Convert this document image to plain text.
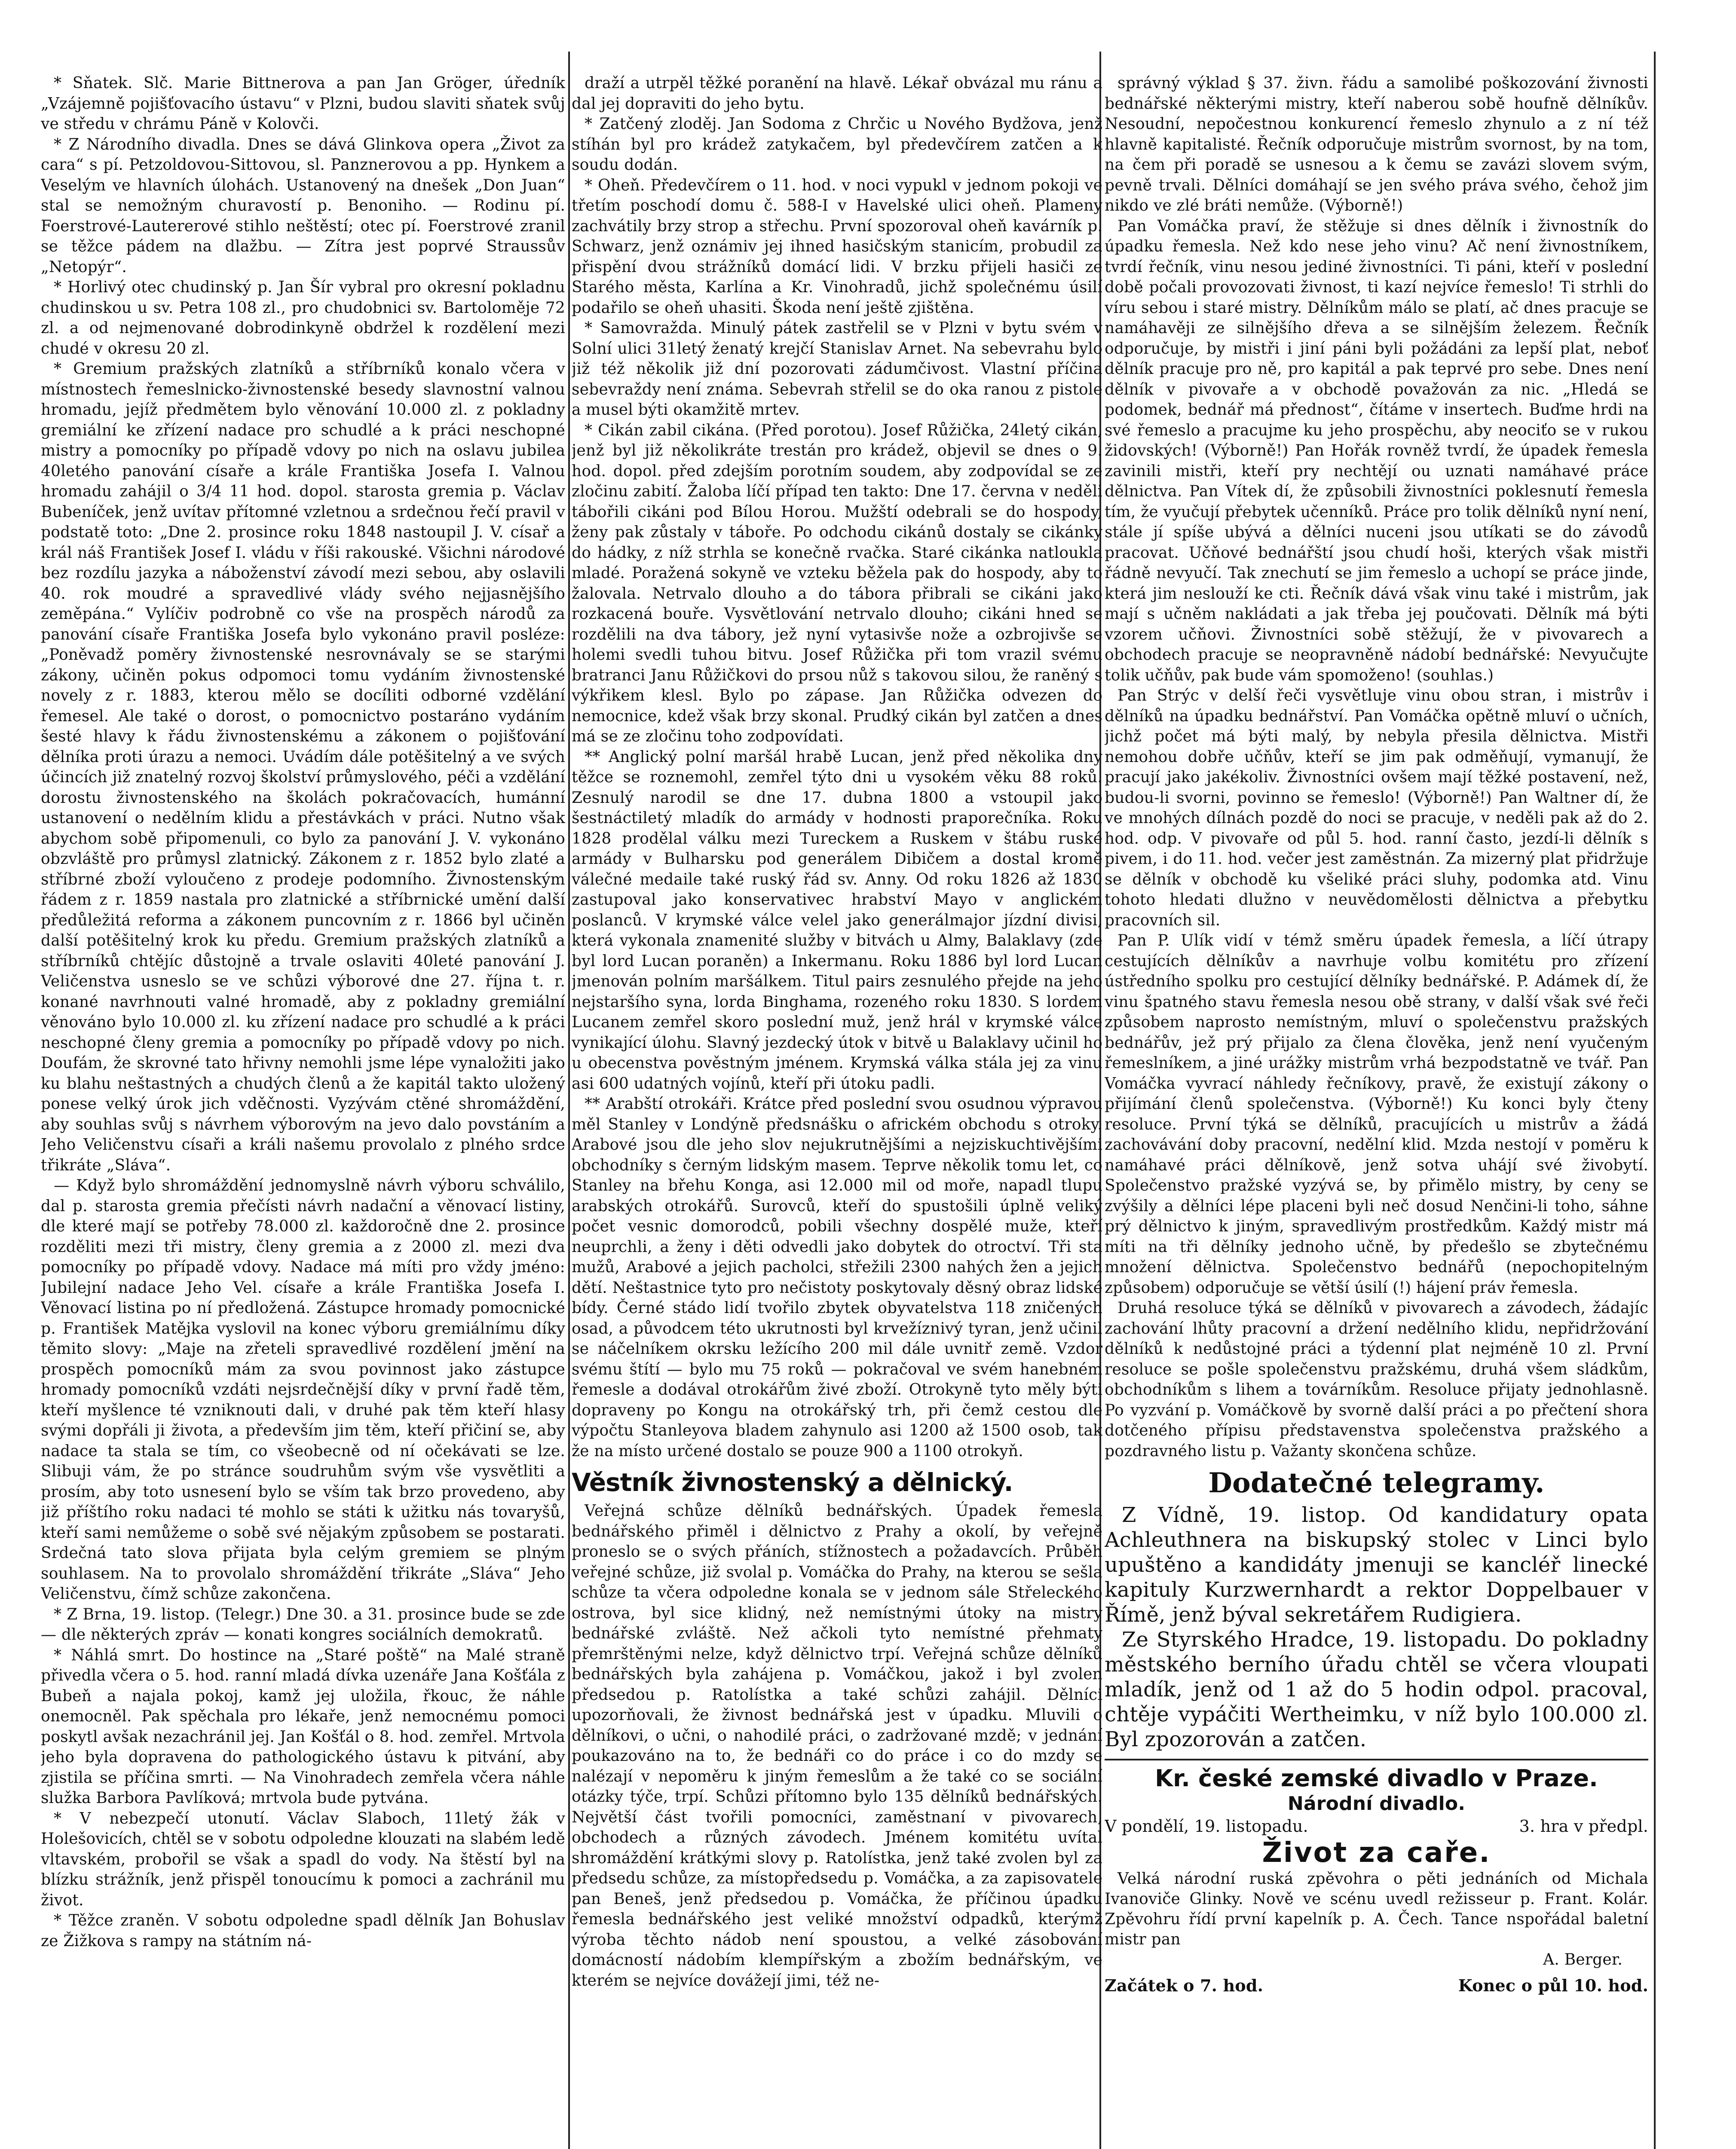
* Sňatek. Slč. Marie Bittnerova a pan Jan Gröger, úředník „Vzájemně pojišťovacího ústavu“ v Plzni, budou slaviti sňatek svůj ve středu v chrámu Páně v Kolovči.

* Z Národního divadla. Dnes se dává Glinkova opera „Život za cara“ s pí. Petzoldovou-Sittovou, sl. Panznerovou a pp. Hynkem a Veselým ve hlavních úlohách. Ustanovený na dnešek „Don Juan“ stal se nemožným churavostí p. Benoniho. — Rodinu pí. Foerstrové-Lautererové stihlo neštěstí; otec pí. Foerstrové zranil se těžce pádem na dlažbu. — Zítra jest poprvé Straussův „Netopýr“.

* Horlivý otec chudinský p. Jan Šír vybral pro okresní pokladnu chudinskou u sv. Petra 108 zl., pro chudobnici sv. Bartoloměje 72 zl. a od nejmenované dobrodinkyně obdržel k rozdělení mezi chudé v okresu 20 zl.

* Gremium pražských zlatníků a stříbrníků konalo včera v místnostech řemeslnicko-živnostenské besedy slavnostní valnou hromadu, jejíž předmětem bylo věnování 10.000 zl. z pokladny gremiální ke zřízení nadace pro schudlé a k práci neschopné mistry a pomocníky po případě vdovy po nich na oslavu jubilea 40letého panování císaře a krále Františka Josefa I. Valnou hromadu zahájil o 3/4 11 hod. dopol. starosta gremia p. Václav Bubeníček, jenž uvítav přítomné vzletnou a srdečnou řečí pravil v podstatě toto: „Dne 2. prosince roku 1848 nastoupil J. V. císař a král náš František Josef I. vládu v říši rakouské. Všichni národové bez rozdílu jazyka a náboženství závodí mezi sebou, aby oslavili 40. rok moudré a spravedlivé vlády svého nejjasnějšího zeměpána.“ Vylíčiv podrobně co vše na prospěch národů za panování císaře Františka Josefa bylo vykonáno pravil posléze: „Poněvadž poměry živnostenské nesrovnávaly se se starými zákony, učiněn pokus odpomoci tomu vydáním živnostenské novely z r. 1883, kterou mělo se docíliti odborné vzdělání řemesel. Ale také o dorost, o pomocnictvo postaráno vydáním šesté hlavy k řádu živnostenskému a zákonem o pojišťování dělníka proti úrazu a nemoci. Uvádím dále potěšitelný a ve svých účincích již znatelný rozvoj školství průmyslového, péči a vzdělání dorostu živnostenského na školách pokračovacích, humánní ustanovení o nedělním klidu a přestávkách v práci. Nutno však abychom sobě připomenuli, co bylo za panování J. V. vykonáno obzvláště pro průmysl zlatnický. Zákonem z r. 1852 bylo zlaté a stříbrné zboží vyloučeno z prodeje podomního. Živnostenským řádem z r. 1859 nastala pro zlatnické a stříbrnické umění další předůležitá reforma a zákonem puncovním z r. 1866 byl učiněn další potěšitelný krok ku předu. Gremium pražských zlatníků a stříbrníků chtějíc důstojně a trvale oslaviti 40leté panování J. Veličenstva usneslo se ve schůzi výborové dne 27. října t. r. konané navrhnouti valné hromadě, aby z pokladny gremiální věnováno bylo 10.000 zl. ku zřízení nadace pro schudlé a k práci neschopné členy gremia a pomocníky po případě vdovy po nich. Doufám, že skrovné tato hřivny nemohli jsme lépe vynaložiti jako ku blahu neštastných a chudých členů a že kapitál takto uložený ponese velký úrok jich vděčnosti. Vyzývám ctěné shromáždění, aby souhlas svůj s návrhem výborovým na jevo dalo povstáním a Jeho Veličenstvu císaři a králi našemu provolalo z plného srdce třikráte „Sláva“.

— Když bylo shromáždění jednomyslně návrh výboru schválilo, dal p. starosta gremia přečísti návrh nadační a věnovací listiny, dle které mají se potřeby 78.000 zl. každoročně dne 2. prosince rozděliti mezi tři mistry, členy gremia a z 2000 zl. mezi dva pomocníky po případě vdovy. Nadace má míti pro vždy jméno: Jubilejní nadace Jeho Vel. císaře a krále Františka Josefa I. Věnovací listina po ní předložená. Zástupce hromady pomocnické p. František Matějka vyslovil na konec výboru gremiálnímu díky těmito slovy: „Maje na zřeteli spravedlivé rozdělení jmění na prospěch pomocníků mám za svou povinnost jako zástupce hromady pomocníků vzdáti nejsrdečnější díky v první řadě těm, kteří myšlence té vzniknouti dali, v druhé pak těm kteří hlasy svými dopřáli ji života, a především jim těm, kteří přičiní se, aby nadace ta stala se tím, co všeobecně od ní očekávati se lze. Slibuji vám, že po stránce soudruhům svým vše vysvětliti a prosím, aby toto usnesení bylo se vším tak brzo provedeno, aby již příštího roku nadaci té mohlo se státi k užitku nás tovaryšů, kteří sami nemůžeme o sobě své nějakým způsobem se postarati. Srdečná tato slova přijata byla celým gremiem se plným souhlasem. Na to provolalo shromáždění třikráte „Sláva“ Jeho Veličenstvu, čímž schůze zakončena.

* Z Brna, 19. listop. (Telegr.) Dne 30. a 31. prosince bude se zde — dle některých zpráv — konati kongres sociálních demokratů.

* Náhlá smrt. Do hostince na „Staré poště“ na Malé straně přivedla včera o 5. hod. ranní mladá dívka uzenáře Jana Košťála z Bubeň a najala pokoj, kamž jej uložila, řkouc, že náhle onemocněl. Pak spěchala pro lékaře, jenž nemocnému pomoci poskytl avšak nezachránil jej. Jan Košťál o 8. hod. zemřel. Mrtvola jeho byla dopravena do pathologického ústavu k pitvání, aby zjistila se příčina smrti. — Na Vinohradech zemřela včera náhle služka Barbora Pavlíková; mrtvola bude pytvána.

* V nebezpečí utonutí. Václav Slaboch, 11letý žák v Holešovicích, chtěl se v sobotu odpoledne klouzati na slabém ledě vltavském, probořil se však a spadl do vody. Na štěstí byl na blízku strážník, jenž přispěl tonoucímu k pomoci a zachránil mu život.

* Těžce zraněn. V sobotu odpoledne spadl dělník Jan Bohuslav ze Žižkova s rampy na státním ná-

draží a utrpěl těžké poranění na hlavě. Lékař obvázal mu ránu a dal jej dopraviti do jeho bytu.

* Zatčený zloděj. Jan Sodoma z Chrčic u Nového Bydžova, jenž stíhán byl pro krádež zatykačem, byl předevčírem zatčen a k soudu dodán.

* Oheň. Předevčírem o 11. hod. v noci vypukl v jednom pokoji ve třetím poschodí domu č. 588-I v Havelské ulici oheň. Plameny zachvátily brzy strop a střechu. První spozoroval oheň kavárník p. Schwarz, jenž oznámiv jej ihned hasičským stanicím, probudil za přispění dvou strážníků domácí lidi. V brzku přijeli hasiči ze Starého města, Karlína a Kr. Vinohradů, jichž společnému úsilí podařilo se oheň uhasiti. Škoda není ještě zjištěna.

* Samovražda. Minulý pátek zastřelil se v Plzni v bytu svém v Solní ulici 31letý ženatý krejčí Stanislav Arnet. Na sebevrahu bylo již též několik již dní pozorovati zádumčivost. Vlastní příčina sebevraždy není známa. Sebevrah střelil se do oka ranou z pistole a musel býti okamžitě mrtev.

* Cikán zabil cikána. (Před porotou). Josef Růžička, 24letý cikán, jenž byl již několikráte trestán pro krádež, objevil se dnes o 9. hod. dopol. před zdejším porotním soudem, aby zodpovídal se ze zločinu zabití. Žaloba líčí případ ten takto: Dne 17. června v neděli tábořili cikáni pod Bílou Horou. Mužští odebrali se do hospody, ženy pak zůstaly v táboře. Po odchodu cikánů dostaly se cikánky do hádky, z níž strhla se konečně rvačka. Staré cikánka natloukla mladé. Poražená sokyně ve vzteku běžela pak do hospody, aby to žalovala. Netrvalo dlouho a do tábora přibrali se cikáni jako rozkacená bouře. Vysvětlování netrvalo dlouho; cikáni hned se rozdělili na dva tábory, jež nyní vytasivše nože a ozbrojivše se holemi svedli tuhou bitvu. Josef Růžička při tom vrazil svému bratranci Janu Růžičkovi do prsou nůž s takovou silou, že raněný s výkřikem klesl. Bylo po zápase. Jan Růžička odvezen do nemocnice, kdež však brzy skonal. Prudký cikán byl zatčen a dnes má se ze zločinu toho zodpovídati.

** Anglický polní maršál hrabě Lucan, jenž před několika dny těžce se roznemohl, zemřel týto dni u vysokém věku 88 roků. Zesnulý narodil se dne 17. dubna 1800 a vstoupil jako šestnáctiletý mladík do armády v hodnosti praporečníka. Roku 1828 prodělal válku mezi Tureckem a Ruskem v štábu ruské armády v Bulharsku pod generálem Dibičem a dostal kromě válečné medaile také ruský řád sv. Anny. Od roku 1826 až 1830 zastupoval jako konservativec hrabství Mayo v anglickém poslanců. V krymské válce velel jako generálmajor jízdní divisi, která vykonala znamenité služby v bitvách u Almy, Balaklavy (zde byl lord Lucan poraněn) a Inkermanu. Roku 1886 byl lord Lucan jmenován polním maršálkem. Titul pairs zesnulého přejde na jeho nejstaršího syna, lorda Binghama, rozeného roku 1830. S lordem Lucanem zemřel skoro poslední muž, jenž hrál v krymské válce vynikající úlohu. Slavný jezdecký útok v bitvě u Balaklavy učinil ho u obecenstva pověstným jménem. Krymská válka stála jej za vinu asi 600 udatných vojínů, kteří při útoku padli.

** Arabští otrokáři. Krátce před poslední svou osudnou výpravou měl Stanley v Londýně předsnášku o africkém obchodu s otroky. Arabové jsou dle jeho slov nejukrutnějšími a nejziskuchtivějšími obchodníky s černým lidským masem. Teprve několik tomu let, co Stanley na břehu Konga, asi 12.000 mil od moře, napadl tlupu arabských otrokářů. Surovců, kteří do spustošili úplně veliký počet vesnic domorodců, pobili všechny dospělé muže, kteří neuprchli, a ženy i děti odvedli jako dobytek do otroctví. Tři sta mužů, Arabové a jejich pacholci, střežili 2300 nahých žen a jejich dětí. Neštastnice tyto pro nečistoty poskytovaly děsný obraz lidské bídy. Černé stádo lidí tvořilo zbytek obyvatelstva 118 zničených osad, a původcem této ukrutnosti byl krvežíznivý tyran, jenž učinil se náčelníkem okrsku ležícího 200 mil dále uvnitř země. Vzdor svému štítí — bylo mu 75 roků — pokračoval ve svém hanebném řemesle a dodával otrokářům živé zboží. Otrokyně tyto měly býti dopraveny po Kongu na otrokářský trh, při čemž cestou dle výpočtu Stanleyova bladem zahynulo asi 1200 až 1500 osob, tak že na místo určené dostalo se pouze 900 a 1100 otrokyň.

Věstník živnostenský a dělnický.

Veřejná schůze dělníků bednářských. Úpadek řemesla bednářského přiměl i dělnictvo z Prahy a okolí, by veřejně proneslo se o svých přáních, stížnostech a požadavcích. Průběh veřejné schůze, již svolal p. Vomáčka do Prahy, na kterou se sešla schůze ta včera odpoledne konala se v jednom sále Střeleckého ostrova, byl sice klidný, než nemístnými útoky na mistry bednářské zvláště. Než ačkoli tyto nemístné přehmaty přemrštěnými nelze, když dělnictvo trpí. Veřejná schůze dělníků bednářských byla zahájena p. Vomáčkou, jakož i byl zvolen předsedou p. Ratolístka a také schůzi zahájil. Dělníci upozorňovali, že živnost bednářská jest v úpadku. Mluvili o dělníkovi, o učni, o nahodilé práci, o zadržované mzdě; v jednání poukazováno na to, že bednáři co do práce i co do mzdy se nalézají v nepoměru k jiným řemeslům a že také co se sociální otázky týče, trpí. Schůzi přítomno bylo 135 dělníků bednářských. Největší část tvořili pomocníci, zaměstnaní v pivovarech, obchodech a různých závodech. Jménem komitétu uvítal shromáždění krátkými slovy p. Ratolístka, jenž také zvolen byl za předsedu schůze, za místopředsedu p. Vomáčka, a za zapisovatele pan Beneš, jenž předsedou p. Vomáčka, že příčinou úpadku řemesla bednářského jest veliké množství odpadků, kterýmž výroba těchto nádob není spoustou, a velké zásobování domácností nádobím klempířským a zbožím bednářským, ve kterém se nejvíce dovážejí jimi, též ne-

správný výklad § 37. živn. řádu a samolibé poškozování živnosti bednářské některými mistry, kteří naberou sobě houfně dělníkův. Nesoudní, nepočestnou konkurencí řemeslo zhynulo a z ní též hlavně kapitalisté. Řečník odporučuje mistrům svornost, by na tom, na čem při poradě se usnesou a k čemu se zavázi slovem svým, pevně trvali. Dělníci domáhají se jen svého práva svého, čehož jim nikdo ve zlé bráti nemůže. (Výborně!)

Pan Vomáčka praví, že stěžuje si dnes dělník i živnostník do úpadku řemesla. Než kdo nese jeho vinu? Ač není živnostníkem, tvrdí řečník, vinu nesou jediné živnostníci. Ti páni, kteří v poslední době počali provozovati živnost, ti kazí nejvíce řemeslo! Ti strhli do víru sebou i staré mistry. Dělníkům málo se platí, ač dnes pracuje se namáhavěji ze silnějšího dřeva a se silnějším železem. Řečník odporučuje, by mistři i jiní páni byli požádáni za lepší plat, neboť dělník pracuje pro ně, pro kapitál a pak teprvé pro sebe. Dnes není dělník v pivovaře a v obchodě považován za nic. „Hledá se podomek, bednář má přednost“, čítáme v insertech. Buďme hrdi na své řemeslo a pracujme ku jeho prospěchu, aby neociťo se v rukou židovských! (Výborně!) Pan Hořák rovněž tvrdí, že úpadek řemesla zavinili mistři, kteří pry nechtějí ou uznati namáhavé práce dělnictva. Pan Vítek dí, že způsobili živnostníci poklesnutí řemesla tím, že vyučují přebytek učenníků. Práce pro tolik dělníků nyní není, stále jí spíše ubývá a dělníci nuceni jsou utíkati se do závodů pracovat. Učňové bednářští jsou chudí hoši, kterých však mistři řádně nevyučí. Tak znechutí se jim řemeslo a uchopí se práce jinde, která jim neslouží ke cti. Řečník dává však vinu také i mistrům, jak mají s učněm nakládati a jak třeba jej poučovati. Dělník má býti vzorem učňovi. Živnostníci sobě stěžují, že v pivovarech a obchodech pracuje se neopravněně nádobí bednářské: Nevyučujte tolik učňův, pak bude vám spomoženo! (souhlas.)

Pan Strýc v delší řeči vysvětluje vinu obou stran, i mistrův i dělníků na úpadku bednářství. Pan Vomáčka opětně mluví o učních, jichž počet má býti malý, by nebyla přesila dělnictva. Mistři nemohou dobře učňův, kteří se jim pak odměňují, vymanují, že pracují jako jakékoliv. Živnostníci ovšem mají těžké postavení, než, budou-li svorni, povinno se řemeslo! (Výborně!) Pan Waltner dí, že ve mnohých dílnách pozdě do noci se pracuje, v neděli pak až do 2. hod. odp. V pivovaře od půl 5. hod. ranní často, jezdí-li dělník s pivem, i do 11. hod. večer jest zaměstnán. Za mizerný plat přidržuje se dělník v obchodě ku všeliké práci sluhy, podomka atd. Vinu tohoto hledati dlužno v neuvědomělosti dělnictva a přebytku pracovních sil.

Pan P. Ulík vidí v témž směru úpadek řemesla, a líčí útrapy cestujících dělníkův a navrhuje volbu komitétu pro zřízení ústředního spolku pro cestující dělníky bednářské. P. Adámek dí, že vinu špatného stavu řemesla nesou obě strany, v další však své řeči způsobem naprosto nemístným, mluví o společenstvu pražských bednářův, jež prý přijalo za člena člověka, jenž není vyučeným řemeslníkem, a jiné urážky mistrům vrhá bezpodstatně ve tvář. Pan Vomáčka vyvrací náhledy řečníkovy, pravě, že existují zákony o přijímání členů společenstva. (Výborně!) Ku konci byly čteny resoluce. První týká se dělníků, pracujících u mistrův a žádá zachovávání doby pracovní, nedělní klid. Mzda nestojí v poměru k namáhavé práci dělníkově, jenž sotva uhájí své živobytí. Společenstvo pražské vyzývá se, by přimělo mistry, by ceny se zvýšily a dělníci lépe placeni byli neč dosud Nenčini-li toho, sáhne prý dělnictvo k jiným, spravedlivým prostředkům. Každý mistr má míti na tři dělníky jednoho učně, by předešlo se zbytečnému množení dělnictva. Společenstvo bednářů (nepochopitelným způsobem) odporučuje se větší úsilí (!) hájení práv řemesla.

Druhá resoluce týká se dělníků v pivovarech a závodech, žádajíc zachování lhůty pracovní a držení nedělního klidu, nepřidržování dělníků k nedůstojné práci a týdenní plat nejméně 10 zl. První resoluce se pošle společenstvu pražskému, druhá všem sládkům, obchodníkům s lihem a továrníkům. Resoluce přijaty jednohlasně. Po vyzvání p. Vomáčkově by svorně další práci a po přečtení shora dotčeného přípisu představenstva společenstva pražského a pozdravného listu p. Važanty skončena schůze.

Dodatečné telegramy.

Z Vídně, 19. listop. Od kandidatury opata Achleuthnera na biskupský stolec v Linci bylo upuštěno a kandidáty jmenuji se kancléř linecké kapituly Kurzwernhardt a rektor Doppelbauer v Římě, jenž býval sekretářem Rudigiera.

Ze Styrského Hradce, 19. listopadu. Do pokladny městského berního úřadu chtěl se včera vloupati mladík, jenž od 1 až do 5 hodin odpol. pracoval, chtěje vypáčiti Wertheimku, v níž bylo 100.000 zl. Byl zpozorován a zatčen.

Kr. české zemské divadlo v Praze.
Národní divadlo.
V pondělí, 19. listopadu.	3. hra v předpl.
Život za caře.
Velká národní ruská zpěvohra o pěti jednáních od Michala Ivanoviče Glinky. Nově ve scénu uvedl režisseur p. Frant. Kolár. Zpěvohru řídí první kapelník p. A. Čech. Tance nspořádal baletní mistr pan
A. Berger.
Začátek o 7. hod.	Konec o půl 10. hod.
